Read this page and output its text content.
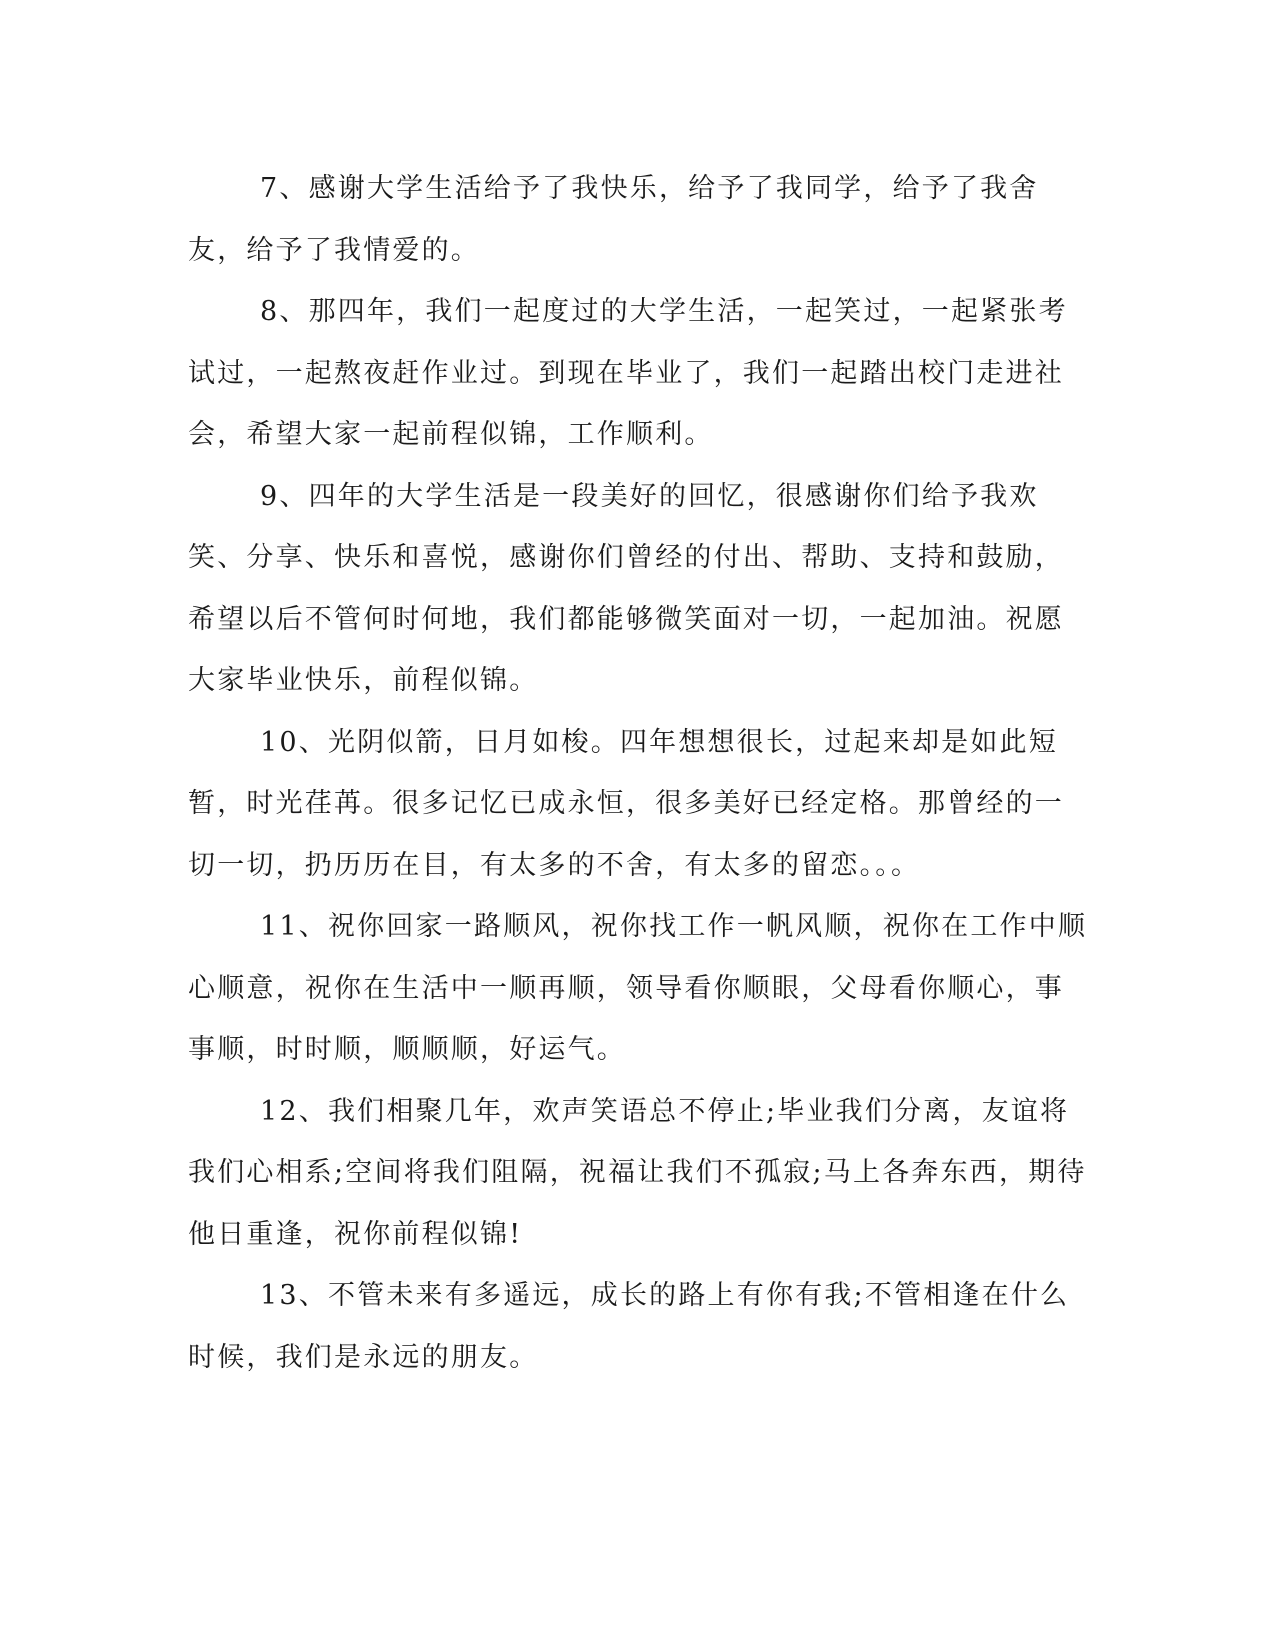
7、感谢大学生活给予了我快乐，给予了我同学，给予了我舍友，给予了我情爱的。

8、那四年，我们一起度过的大学生活，一起笑过，一起紧张考试过，一起熬夜赶作业过。到现在毕业了，我们一起踏出校门走进社会，希望大家一起前程似锦，工作顺利。

9、四年的大学生活是一段美好的回忆，很感谢你们给予我欢笑、分享、快乐和喜悦，感谢你们曾经的付出、帮助、支持和鼓励，希望以后不管何时何地，我们都能够微笑面对一切，一起加油。祝愿大家毕业快乐，前程似锦。

10、光阴似箭，日月如梭。四年想想很长，过起来却是如此短暂，时光荏苒。很多记忆已成永恒，很多美好已经定格。那曾经的一切一切，扔历历在目，有太多的不舍，有太多的留恋。。。

11、祝你回家一路顺风，祝你找工作一帆风顺，祝你在工作中顺心顺意，祝你在生活中一顺再顺，领导看你顺眼，父母看你顺心，事事顺，时时顺，顺顺顺，好运气。

12、我们相聚几年，欢声笑语总不停止;毕业我们分离，友谊将我们心相系;空间将我们阻隔，祝福让我们不孤寂;马上各奔东西，期待他日重逢，祝你前程似锦!

13、不管未来有多遥远，成长的路上有你有我;不管相逢在什么时候，我们是永远的朋友。
